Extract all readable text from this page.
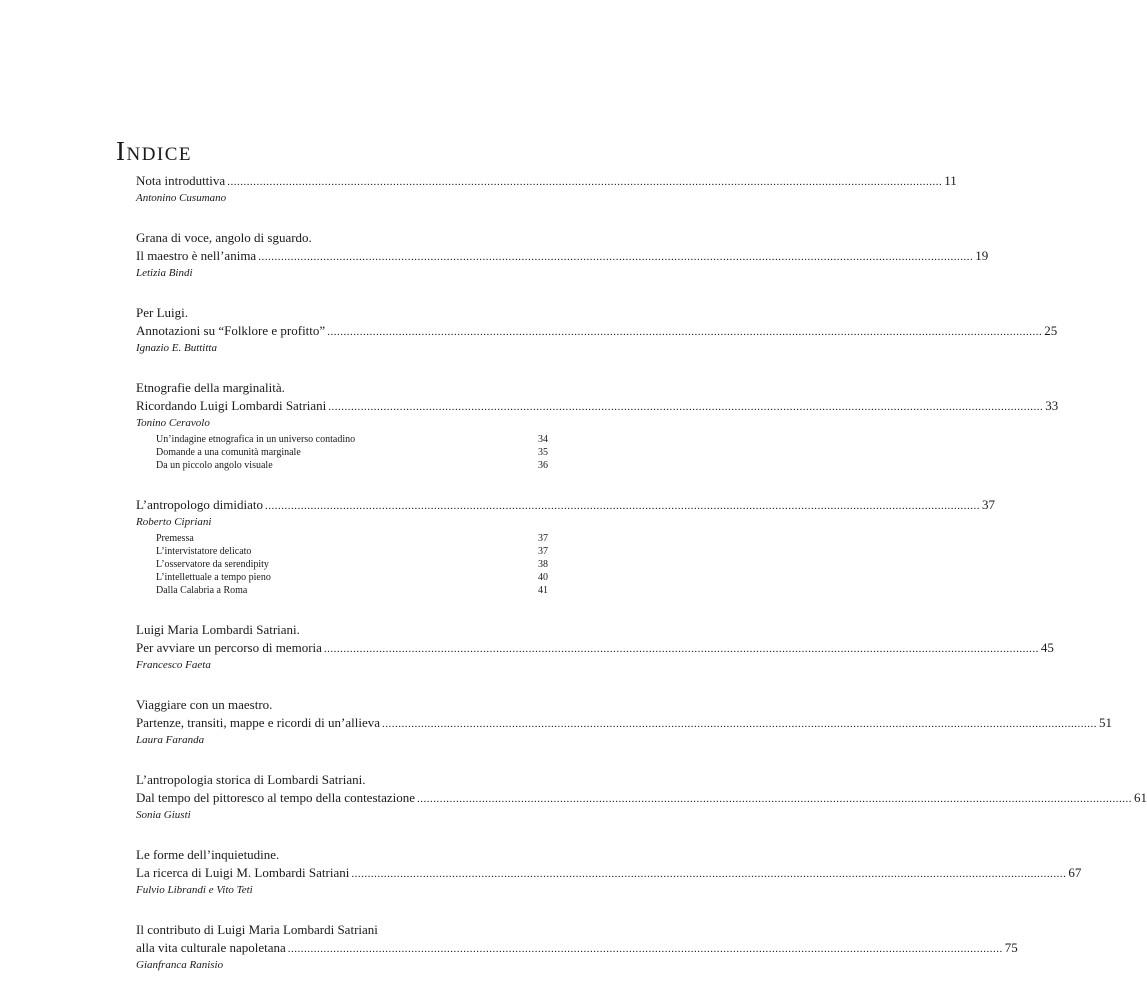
Indice
Nota introduttiva ............................................................................................................................................................................................................................ 11
Antonino Cusumano
Grana di voce, angolo di sguardo.
Il maestro è nell’anima ............................................................................................................................................................................................................................ 19
Letizia Bindi
Per Luigi.
Annotazioni su “Folklore e profitto” ............................................................................................................................................................................................................................ 25
Ignazio E. Buttitta
Etnografie della marginalità.
Ricordando Luigi Lombardi Satriani ............................................................................................................................................................................................................................ 33
Tonino Ceravolo
Un’indagine etnografica in un universo contadino	34
Domande a una comunità marginale	35
Da un piccolo angolo visuale	36
L’antropologo dimidiato ............................................................................................................................................................................................................................ 37
Roberto Cipriani
Premessa	37
L’intervistatore delicato	37
L’osservatore da serendipity	38
L’intellettuale a tempo pieno	40
Dalla Calabria a Roma	41
Luigi Maria Lombardi Satriani.
Per avviare un percorso di memoria ............................................................................................................................................................................................................................ 45
Francesco Faeta
Viaggiare con un maestro.
Partenze, transiti, mappe e ricordi di un’allieva ............................................................................................................................................................................................................................ 51
Laura Faranda
L’antropologia storica di Lombardi Satriani.
Dal tempo del pittoresco al tempo della contestazione ............................................................................................................................................................................................................................ 61
Sonia Giusti
Le forme dell’inquietudine.
La ricerca di Luigi M. Lombardi Satriani ............................................................................................................................................................................................................................ 67
Fulvio Librandi e Vito Teti
Il contributo di Luigi Maria Lombardi Satriani
alla vita culturale napoletana ............................................................................................................................................................................................................................ 75
Gianfranca Ranisio
